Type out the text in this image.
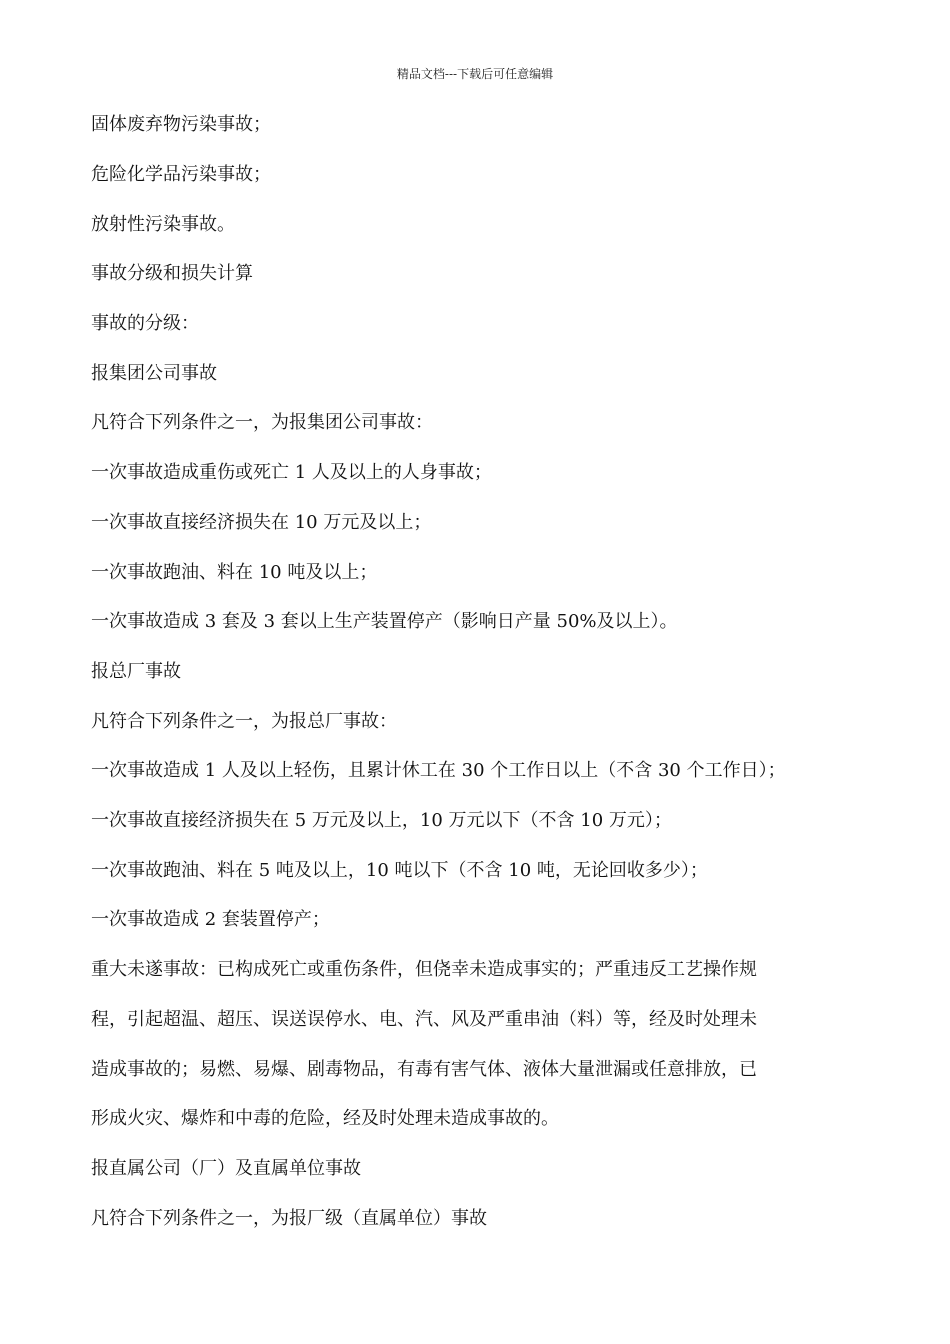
精品文档---下载后可任意编辑
固体废弃物污染事故；
危险化学品污染事故；
放射性污染事故。
事故分级和损失计算
事故的分级：
报集团公司事故
凡符合下列条件之一，为报集团公司事故：
一次事故造成重伤或死亡 1 人及以上的人身事故；
一次事故直接经济损失在 10 万元及以上；
一次事故跑油、料在 10 吨及以上；
一次事故造成 3 套及 3 套以上生产装置停产（影响日产量 50%及以上）。
报总厂事故
凡符合下列条件之一，为报总厂事故：
一次事故造成 1 人及以上轻伤，且累计休工在 30 个工作日以上（不含 30 个工作日）；
一次事故直接经济损失在 5 万元及以上，10 万元以下（不含 10 万元）；
一次事故跑油、料在 5 吨及以上，10 吨以下（不含 10 吨，无论回收多少）；
一次事故造成 2 套装置停产；
重大未遂事故：已构成死亡或重伤条件，但侥幸未造成事实的；严重违反工艺操作规
程，引起超温、超压、误送误停水、电、汽、风及严重串油（料）等，经及时处理未
造成事故的；易燃、易爆、剧毒物品，有毒有害气体、液体大量泄漏或任意排放，已
形成火灾、爆炸和中毒的危险，经及时处理未造成事故的。
报直属公司（厂）及直属单位事故
凡符合下列条件之一，为报厂级（直属单位）事故
